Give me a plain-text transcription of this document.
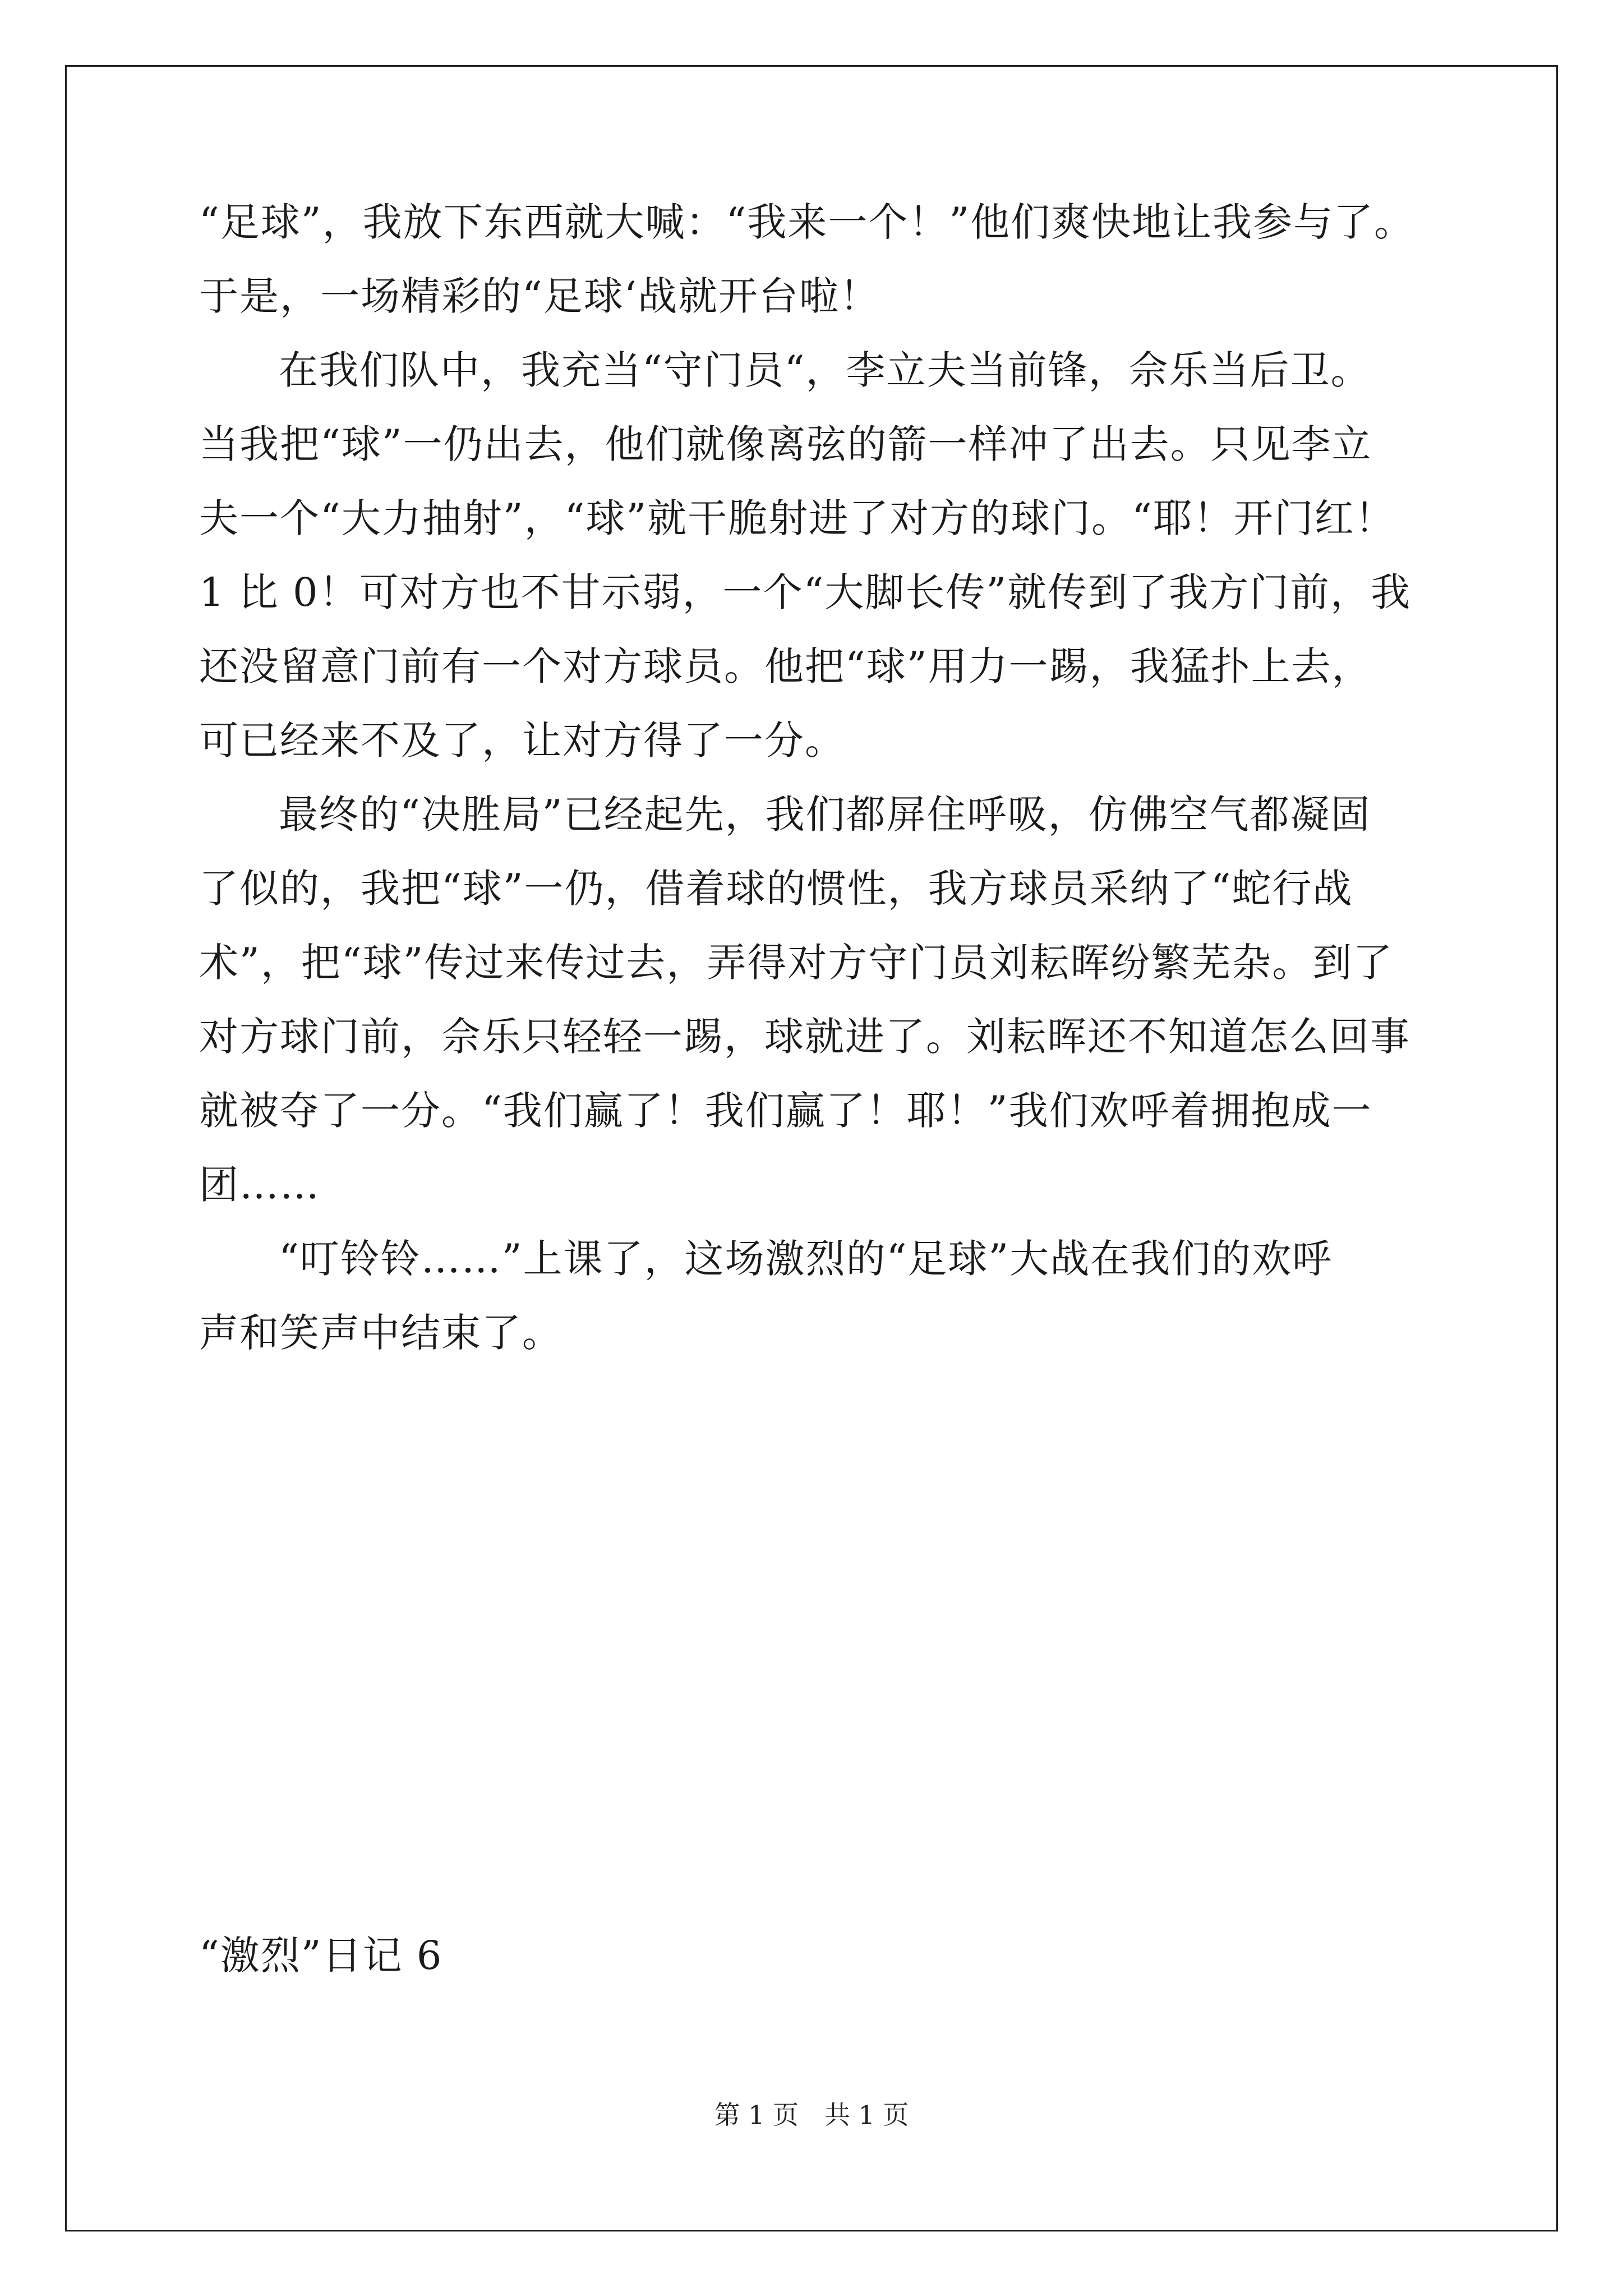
“足球”，我放下东西就大喊：“我来一个！”他们爽快地让我参与了。
于是，一场精彩的“足球‘战就开台啦！
在我们队中，我充当“守门员“，李立夫当前锋，佘乐当后卫。
当我把“球”一仍出去，他们就像离弦的箭一样冲了出去。只见李立
夫一个“大力抽射”，“球”就干脆射进了对方的球门。“耶！开门红！
1 比 0！可对方也不甘示弱，一个“大脚长传”就传到了我方门前，我
还没留意门前有一个对方球员。他把“球”用力一踢，我猛扑上去，
可已经来不及了，让对方得了一分。
最终的“决胜局”已经起先，我们都屏住呼吸，仿佛空气都凝固
了似的，我把“球”一仍，借着球的惯性，我方球员采纳了“蛇行战
术”，把“球”传过来传过去，弄得对方守门员刘耘晖纷繁芜杂。到了
对方球门前，佘乐只轻轻一踢，球就进了。刘耘晖还不知道怎么回事
就被夺了一分。“我们赢了！我们赢了！耶！”我们欢呼着拥抱成一
团……
“叮铃铃……”上课了，这场激烈的“足球”大战在我们的欢呼
声和笑声中结束了。
“激烈”日记 6
第 1 页 共 1 页
